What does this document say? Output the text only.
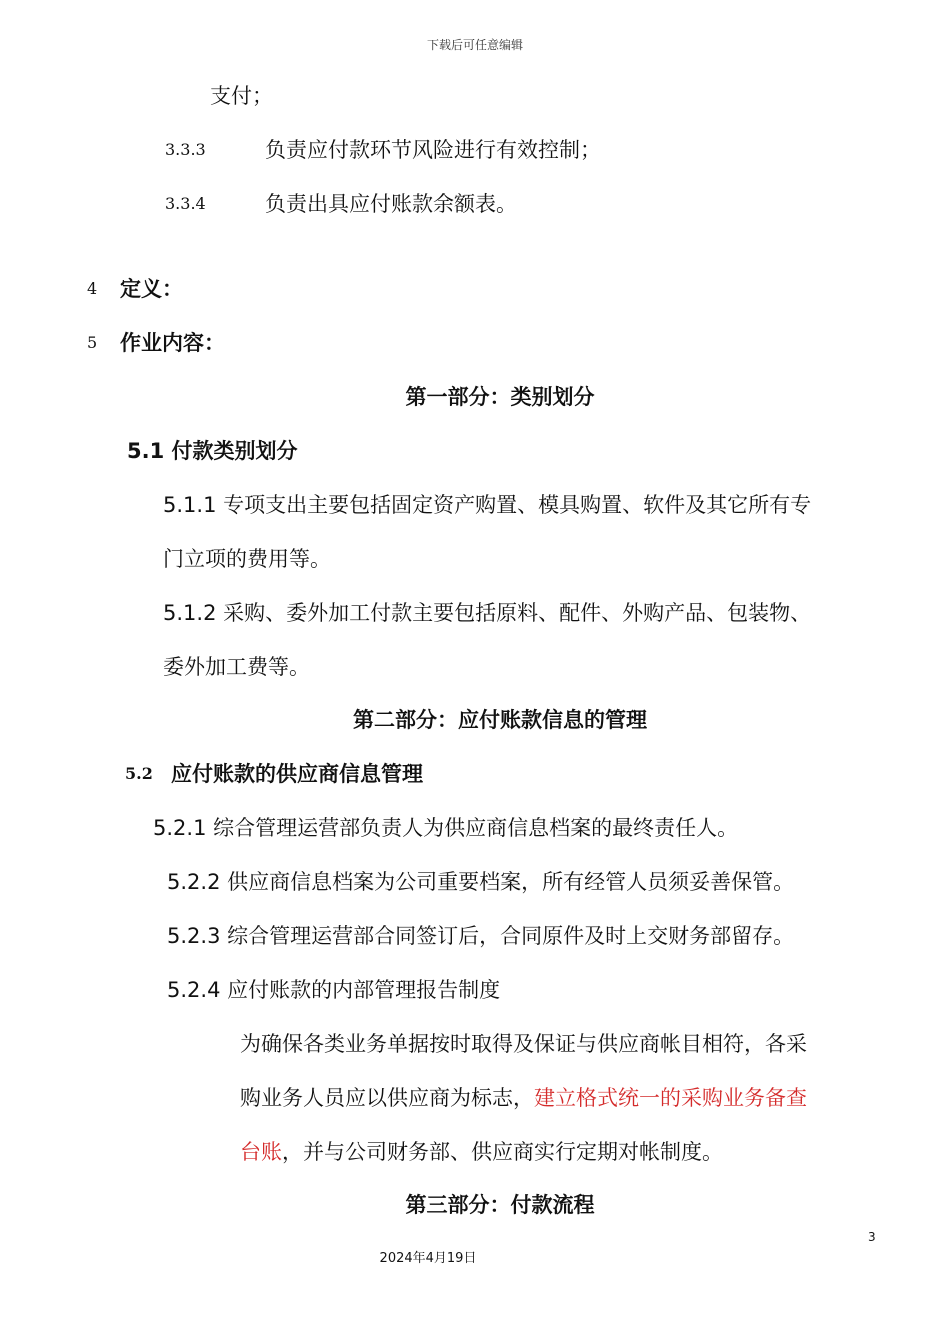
下载后可任意编辑
支付；
3.3.3	负责应付款环节风险进行有效控制；
3.3.4	负责出具应付账款余额表。
4 定义：
5 作业内容：
第一部分：类别划分
5.1 付款类别划分
5.1.1 专项支出主要包括固定资产购置、模具购置、软件及其它所有专
门立项的费用等。
5.1.2 采购、委外加工付款主要包括原料、配件、外购产品、包装物、
委外加工费等。
第二部分：应付账款信息的管理
5.2 应付账款的供应商信息管理
5.2.1 综合管理运营部负责人为供应商信息档案的最终责任人。
5.2.2 供应商信息档案为公司重要档案，所有经管人员须妥善保管。
5.2.3 综合管理运营部合同签订后，合同原件及时上交财务部留存。
5.2.4 应付账款的内部管理报告制度
为确保各类业务单据按时取得及保证与供应商帐目相符，各采
购业务人员应以供应商为标志，建立格式统一的采购业务备查
台账，并与公司财务部、供应商实行定期对帐制度。
第三部分：付款流程
3
2024年4月19日
